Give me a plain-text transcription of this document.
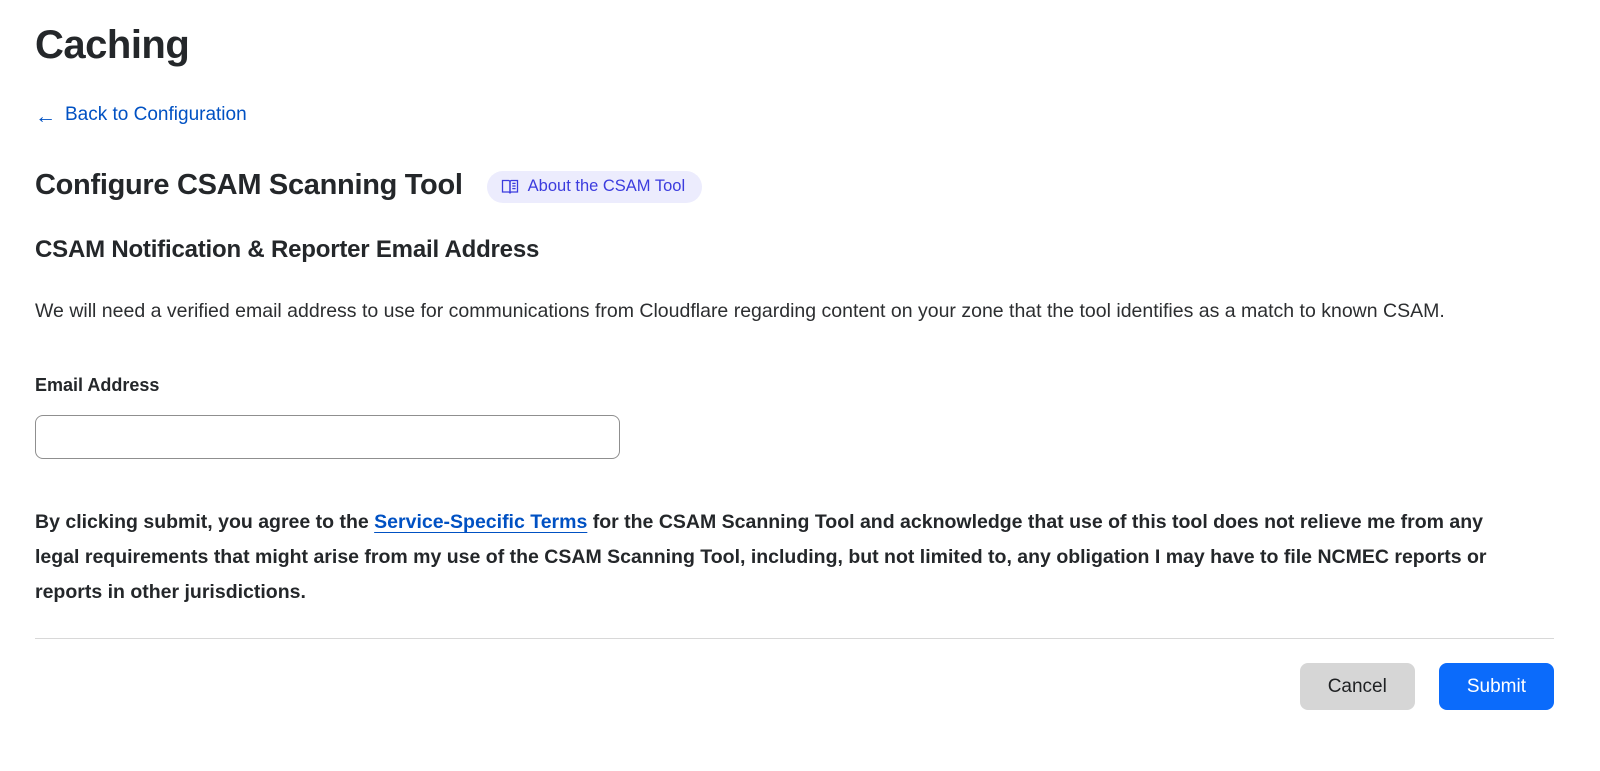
Caching
← Back to Configuration
Configure CSAM Scanning Tool	About the CSAM Tool
CSAM Notification & Reporter Email Address

We will need a verified email address to use for communications from Cloudflare regarding content on your zone that the tool identifies as a match to known CSAM.

Email Address

By clicking submit, you agree to the Service-Specific Terms for the CSAM Scanning Tool and acknowledge that use of this tool does not relieve me from any legal requirements that might arise from my use of the CSAM Scanning Tool, including, but not limited to, any obligation I may have to file NCMEC reports or reports in other jurisdictions.

Cancel	Submit
